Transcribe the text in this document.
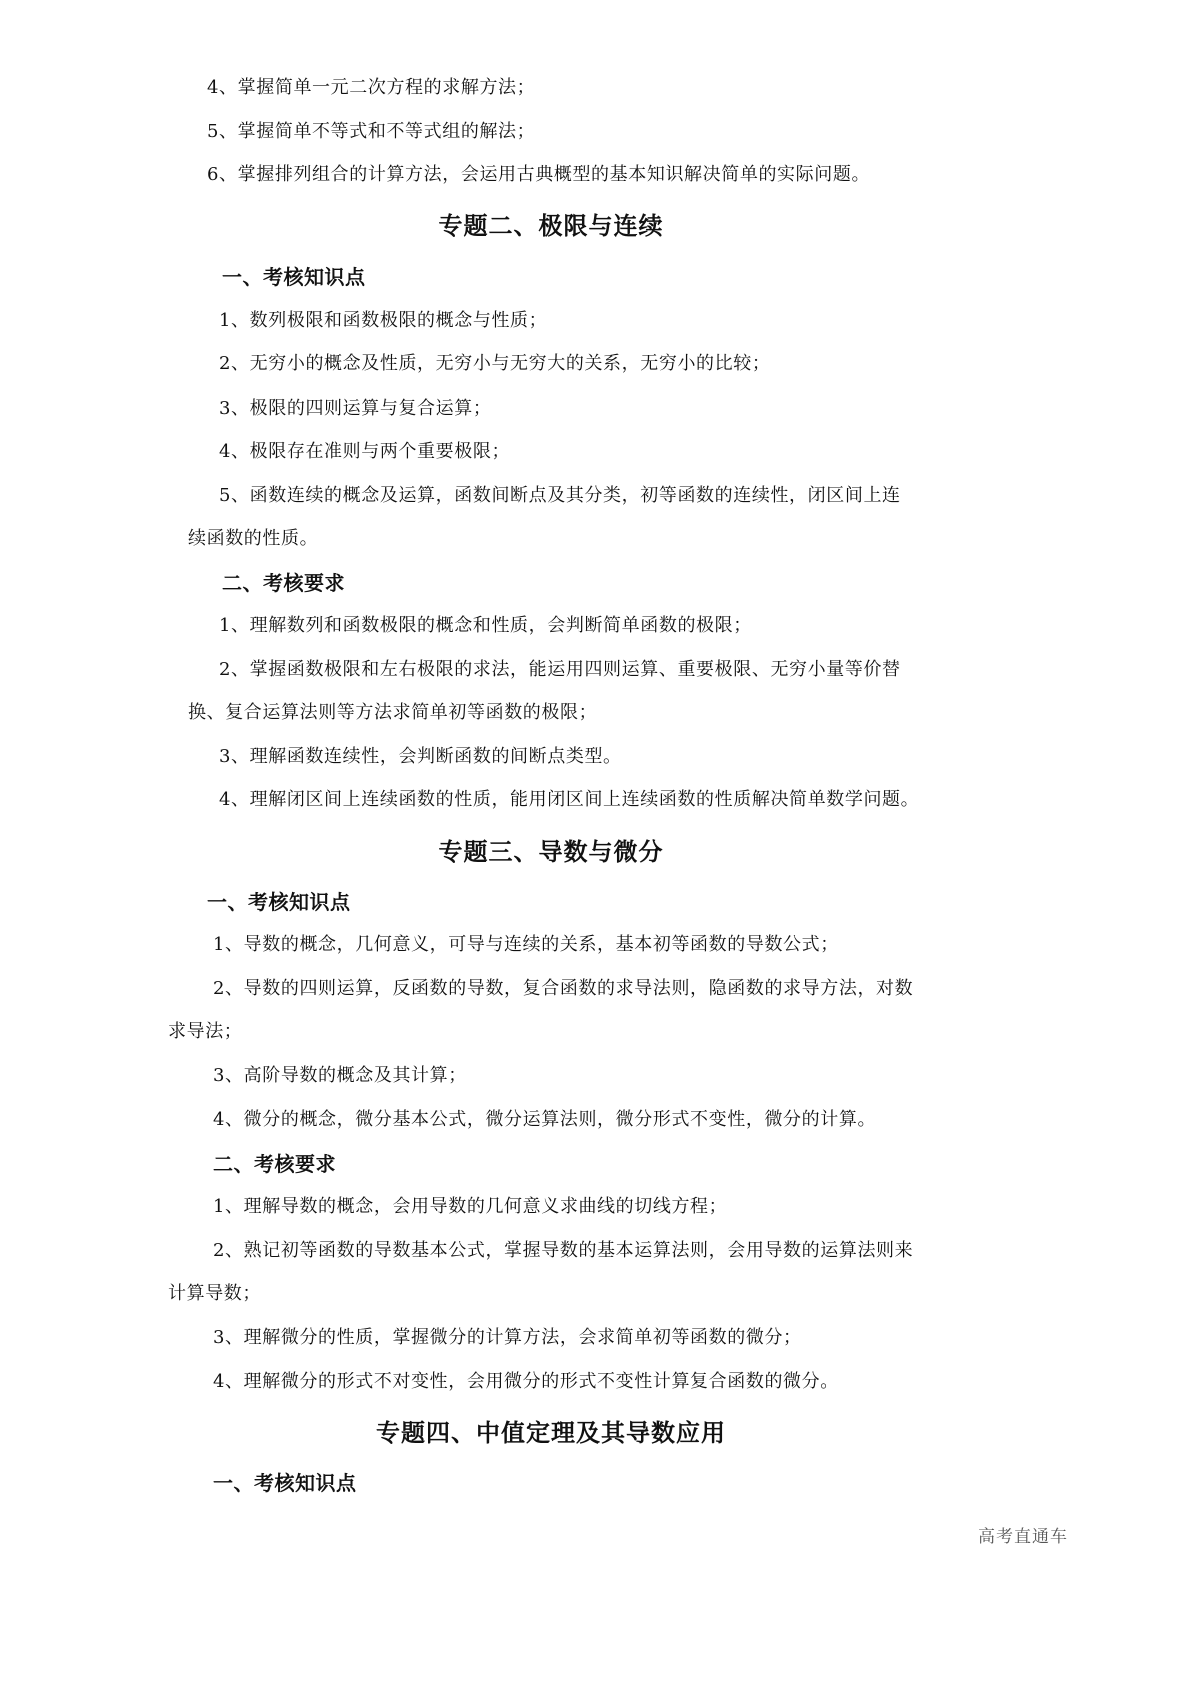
4、掌握简单一元二次方程的求解方法；

5、掌握简单不等式和不等式组的解法；

6、掌握排列组合的计算方法，会运用古典概型的基本知识解决简单的实际问题。

专题二、极限与连续
一、考核知识点

1、数列极限和函数极限的概念与性质；

2、无穷小的概念及性质，无穷小与无穷大的关系，无穷小的比较；

3、极限的四则运算与复合运算；

4、极限存在准则与两个重要极限；

5、函数连续的概念及运算，函数间断点及其分类，初等函数的连续性，闭区间上连

续函数的性质。

二、考核要求

1、理解数列和函数极限的概念和性质，会判断简单函数的极限；

2、掌握函数极限和左右极限的求法，能运用四则运算、重要极限、无穷小量等价替

换、复合运算法则等方法求简单初等函数的极限；

3、理解函数连续性，会判断函数的间断点类型。

4、理解闭区间上连续函数的性质，能用闭区间上连续函数的性质解决简单数学问题。

专题三、导数与微分
一、考核知识点

1、导数的概念，几何意义，可导与连续的关系，基本初等函数的导数公式；

2、导数的四则运算，反函数的导数，复合函数的求导法则，隐函数的求导方法，对数

求导法；

3、高阶导数的概念及其计算；

4、微分的概念，微分基本公式，微分运算法则，微分形式不变性，微分的计算。

二、考核要求

1、理解导数的概念，会用导数的几何意义求曲线的切线方程；

2、熟记初等函数的导数基本公式，掌握导数的基本运算法则，会用导数的运算法则来

计算导数；

3、理解微分的性质，掌握微分的计算方法，会求简单初等函数的微分；

4、理解微分的形式不对变性，会用微分的形式不变性计算复合函数的微分。

专题四、中值定理及其导数应用
一、考核知识点
高考直通车
